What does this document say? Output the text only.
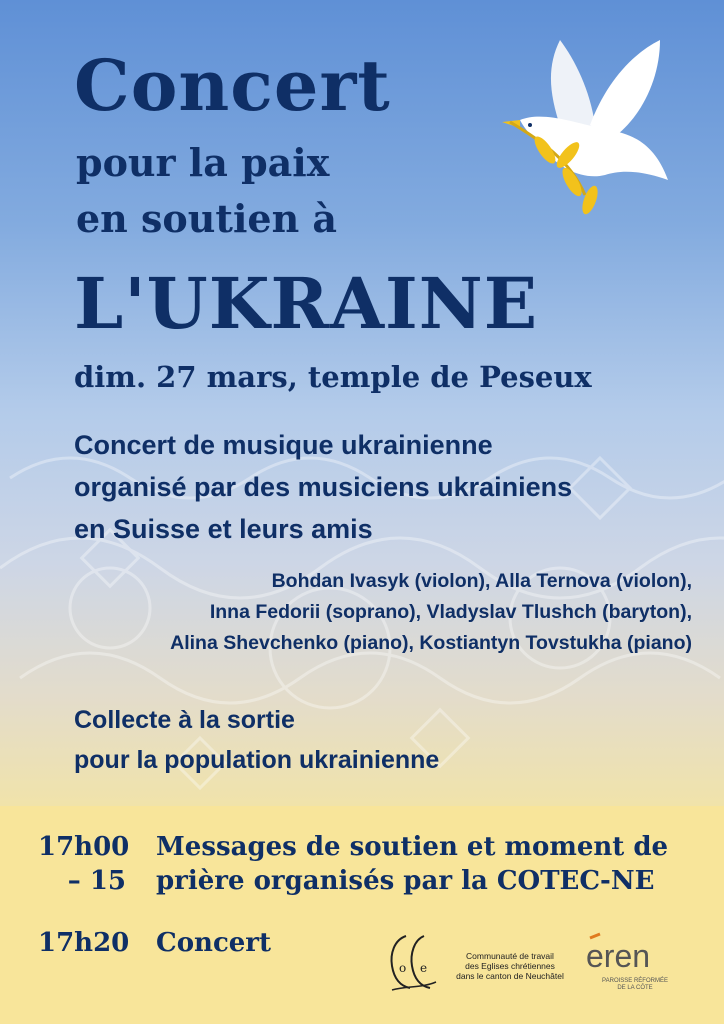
Concert
pour la paix
en soutien à
L'UKRAINE
dim. 27 mars, temple de Peseux
Concert de musique ukrainienne
organisé par des musiciens ukrainiens
en Suisse et leurs amis
Bohdan Ivasyk (violon), Alla Ternova (violon),
Inna Fedorii (soprano), Vladyslav Tlushch (baryton),
Alina Shevchenko (piano), Kostiantyn Tovstukha (piano)
Collecte à la sortie
pour la population ukrainienne
17h00
– 15
Messages de soutien et moment de
prière organisés par la COTEC-NE
17h20 Concert
o e
Communauté de travail
des Eglises chrétiennes
dans le canton de Neuchâtel
eren
PAROISSE RÉFORMÉE
DE LA CÔTE
